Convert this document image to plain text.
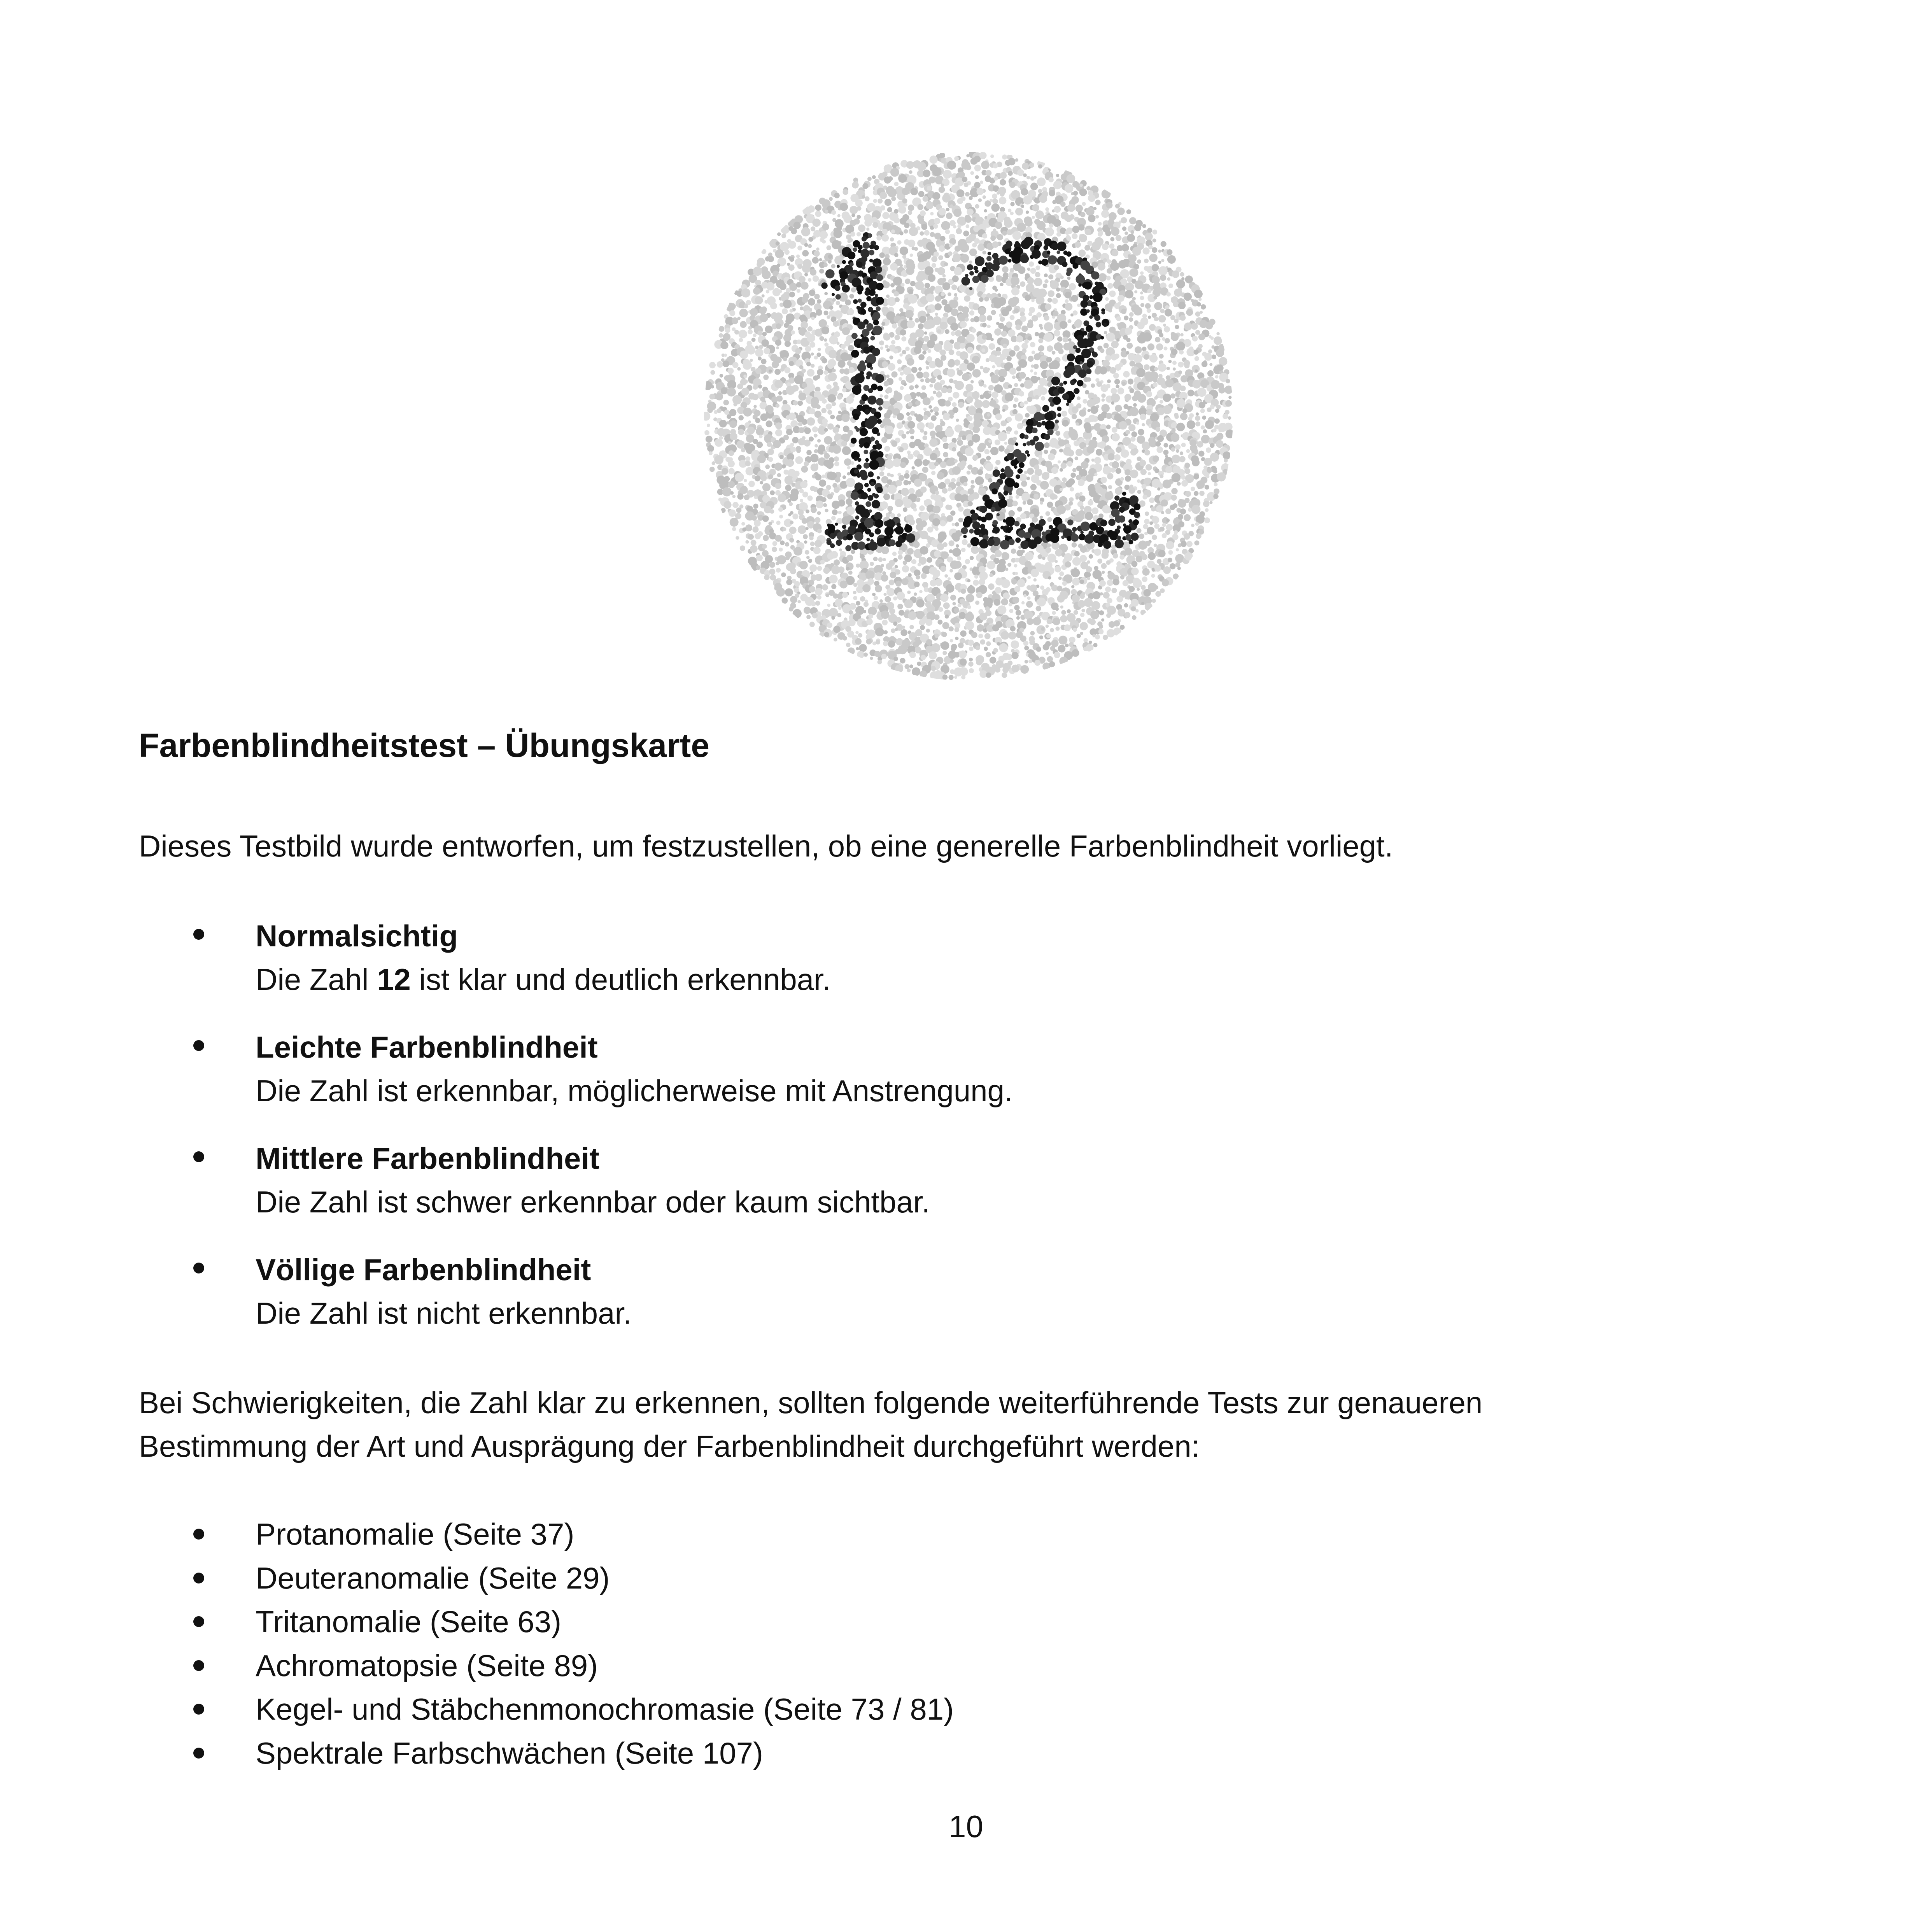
Farbenblindheitstest – Übungskarte

Dieses Testbild wurde entworfen, um festzustellen, ob eine generelle Farbenblindheit vorliegt.

Normalsichtig
Die Zahl 12 ist klar und deutlich erkennbar.
Leichte Farbenblindheit
Die Zahl ist erkennbar, möglicherweise mit Anstrengung.
Mittlere Farbenblindheit
Die Zahl ist schwer erkennbar oder kaum sichtbar.
Völlige Farbenblindheit
Die Zahl ist nicht erkennbar.

Bei Schwierigkeiten, die Zahl klar zu erkennen, sollten folgende weiterführende Tests zur genaueren
Bestimmung der Art und Ausprägung der Farbenblindheit durchgeführt werden:

Protanomalie (Seite 37)
Deuteranomalie (Seite 29)
Tritanomalie (Seite 63)
Achromatopsie (Seite 89)
Kegel- und Stäbchenmonochromasie (Seite 73 / 81)
Spektrale Farbschwächen (Seite 107)

10
